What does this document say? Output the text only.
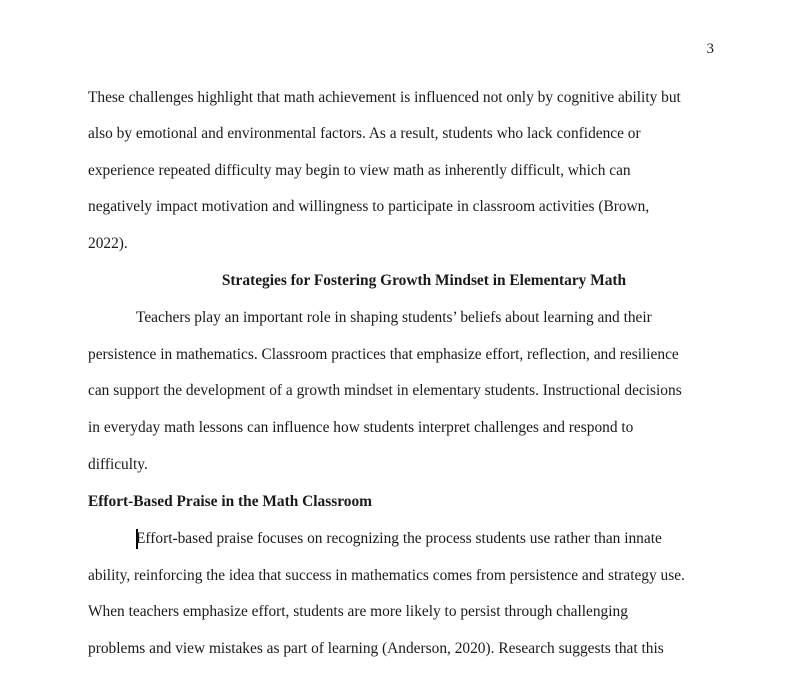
3
These challenges highlight that math achievement is influenced not only by cognitive ability but
also by emotional and environmental factors. As a result, students who lack confidence or
experience repeated difficulty may begin to view math as inherently difficult, which can
negatively impact motivation and willingness to participate in classroom activities (Brown,
2022).
Strategies for Fostering Growth Mindset in Elementary Math
Teachers play an important role in shaping students’ beliefs about learning and their
persistence in mathematics. Classroom practices that emphasize effort, reflection, and resilience
can support the development of a growth mindset in elementary students. Instructional decisions
in everyday math lessons can influence how students interpret challenges and respond to
difficulty.
Effort-Based Praise in the Math Classroom
Effort-based praise focuses on recognizing the process students use rather than innate
ability, reinforcing the idea that success in mathematics comes from persistence and strategy use.
When teachers emphasize effort, students are more likely to persist through challenging
problems and view mistakes as part of learning (Anderson, 2020). Research suggests that this
